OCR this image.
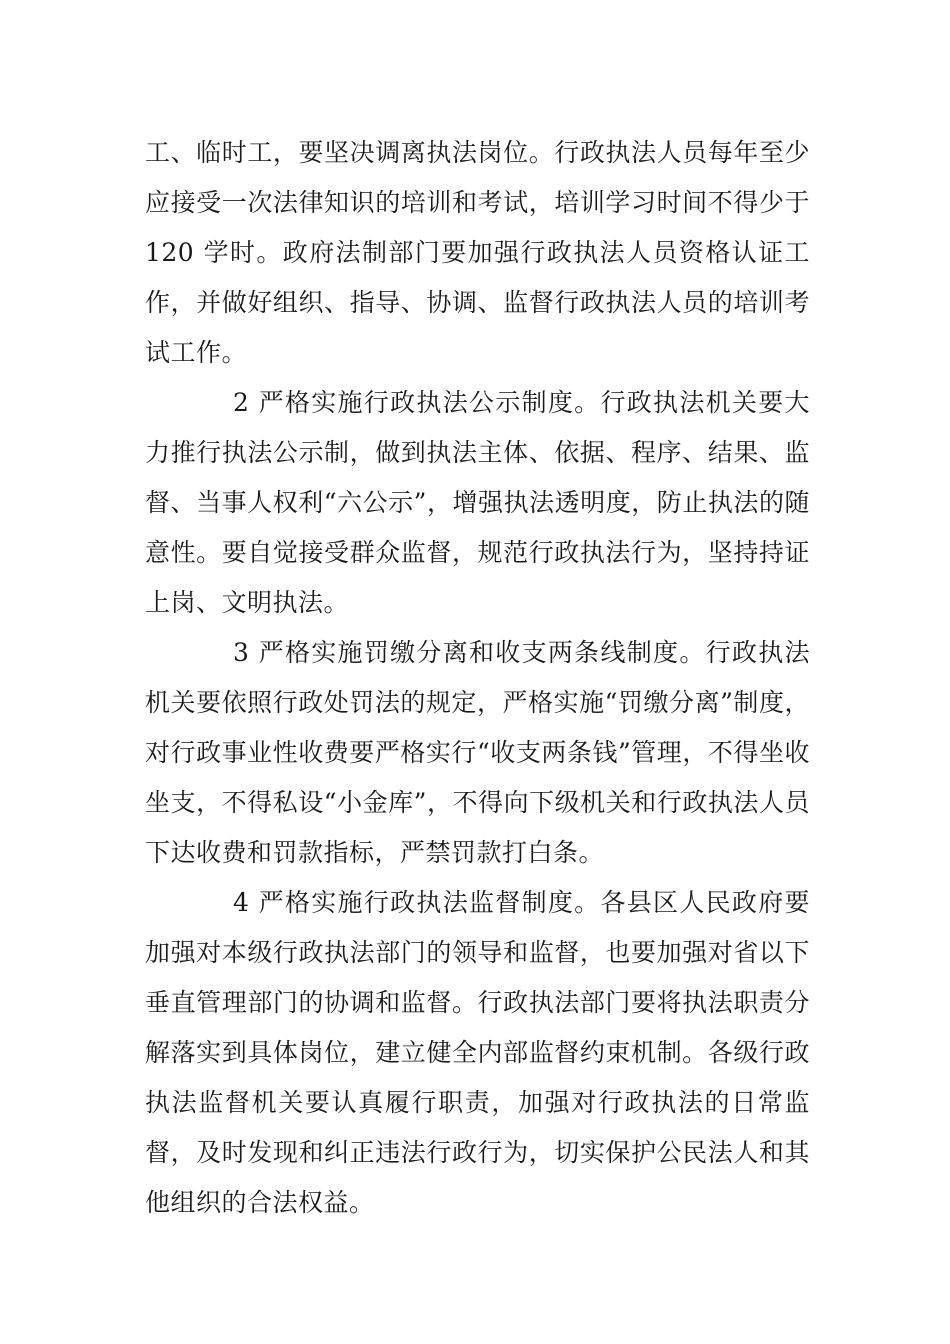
工、临时工，要坚决调离执法岗位。行政执法人员每年至少应接受一次法律知识的培训和考试，培训学习时间不得少于120 学时。政府法制部门要加强行政执法人员资格认证工作，并做好组织、指导、协调、监督行政执法人员的培训考试工作。

2 严格实施行政执法公示制度。行政执法机关要大力推行执法公示制，做到执法主体、依据、程序、结果、监督、当事人权利“六公示”，增强执法透明度，防止执法的随意性。要自觉接受群众监督，规范行政执法行为，坚持持证上岗、文明执法。

3 严格实施罚缴分离和收支两条线制度。行政执法机关要依照行政处罚法的规定，严格实施“罚缴分离”制度，对行政事业性收费要严格实行“收支两条钱”管理，不得坐收坐支，不得私设“小金库”，不得向下级机关和行政执法人员下达收费和罚款指标，严禁罚款打白条。

4 严格实施行政执法监督制度。各县区人民政府要加强对本级行政执法部门的领导和监督，也要加强对省以下垂直管理部门的协调和监督。行政执法部门要将执法职责分解落实到具体岗位，建立健全内部监督约束机制。各级行政执法监督机关要认真履行职责，加强对行政执法的日常监督，及时发现和纠正违法行政行为，切实保护公民法人和其他组织的合法权益。
